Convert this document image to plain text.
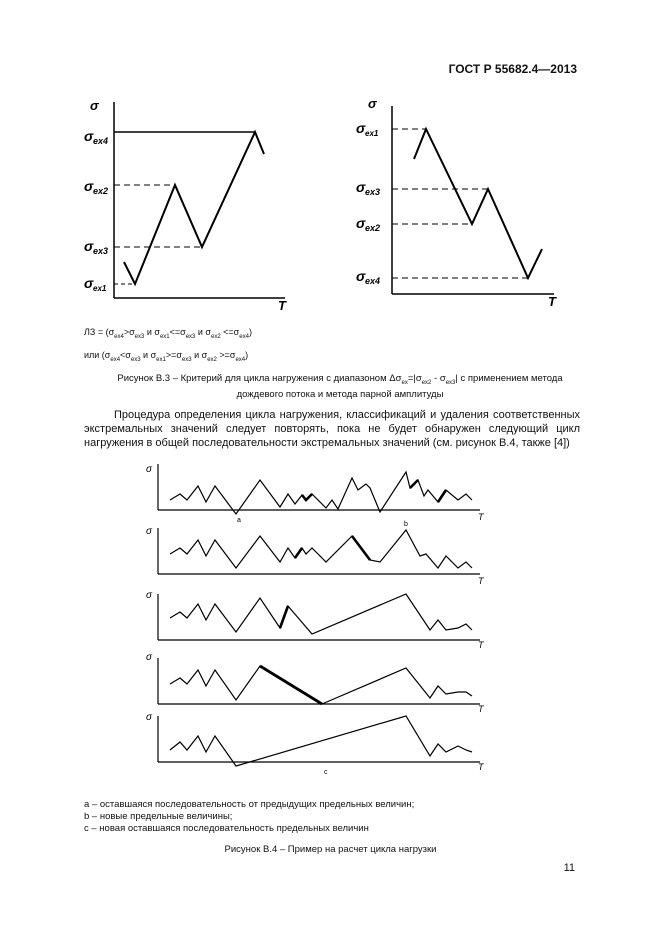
ГОСТ Р 55682.4—2013
σ
T
σ ex4
σ ex2
σ ex3
σ ex1
σ
T
σ ex1
σ ex3
σ ex2
σ ex4
ЛЗ = ($\sigma_{ex4}>\sigma_{ex3}$ и $\sigma_{ex1}<=\sigma_{ex3}$ и $\sigma_{ex2} <=\sigma_{ex4}$)
или ($\sigma_{ex4}<\sigma_{ex3}$ и $\sigma_{ex1}>=\sigma_{ex3}$ и $\sigma_{ex2} >=\sigma_{ex4}$)
Рисунок В.3 – Критерий для цикла нагружения с диапазоном $\Delta\sigma_{ex}=|\sigma_{ex2} - \sigma_{ex3}|$ с применением метода
дождевого потока и метода парной амплитуды
Процедура определения цикла нагружения, классификаций и удаления соответственных экстремальных значений следует повторять, пока не будет обнаружен следующий цикл нагружения в общей последовательности экстремальных значений (см. рисунок В.4, также [4])
σ
T
σ
T
σ
T
σ
T
σ
T
a
b
c
a – оставшаяся последовательность от предыдущих предельных величин;
b – новые предельные величины;
c – новая оставшаяся последовательность предельных величин
Рисунок В.4 – Пример на расчет цикла нагрузки
11
